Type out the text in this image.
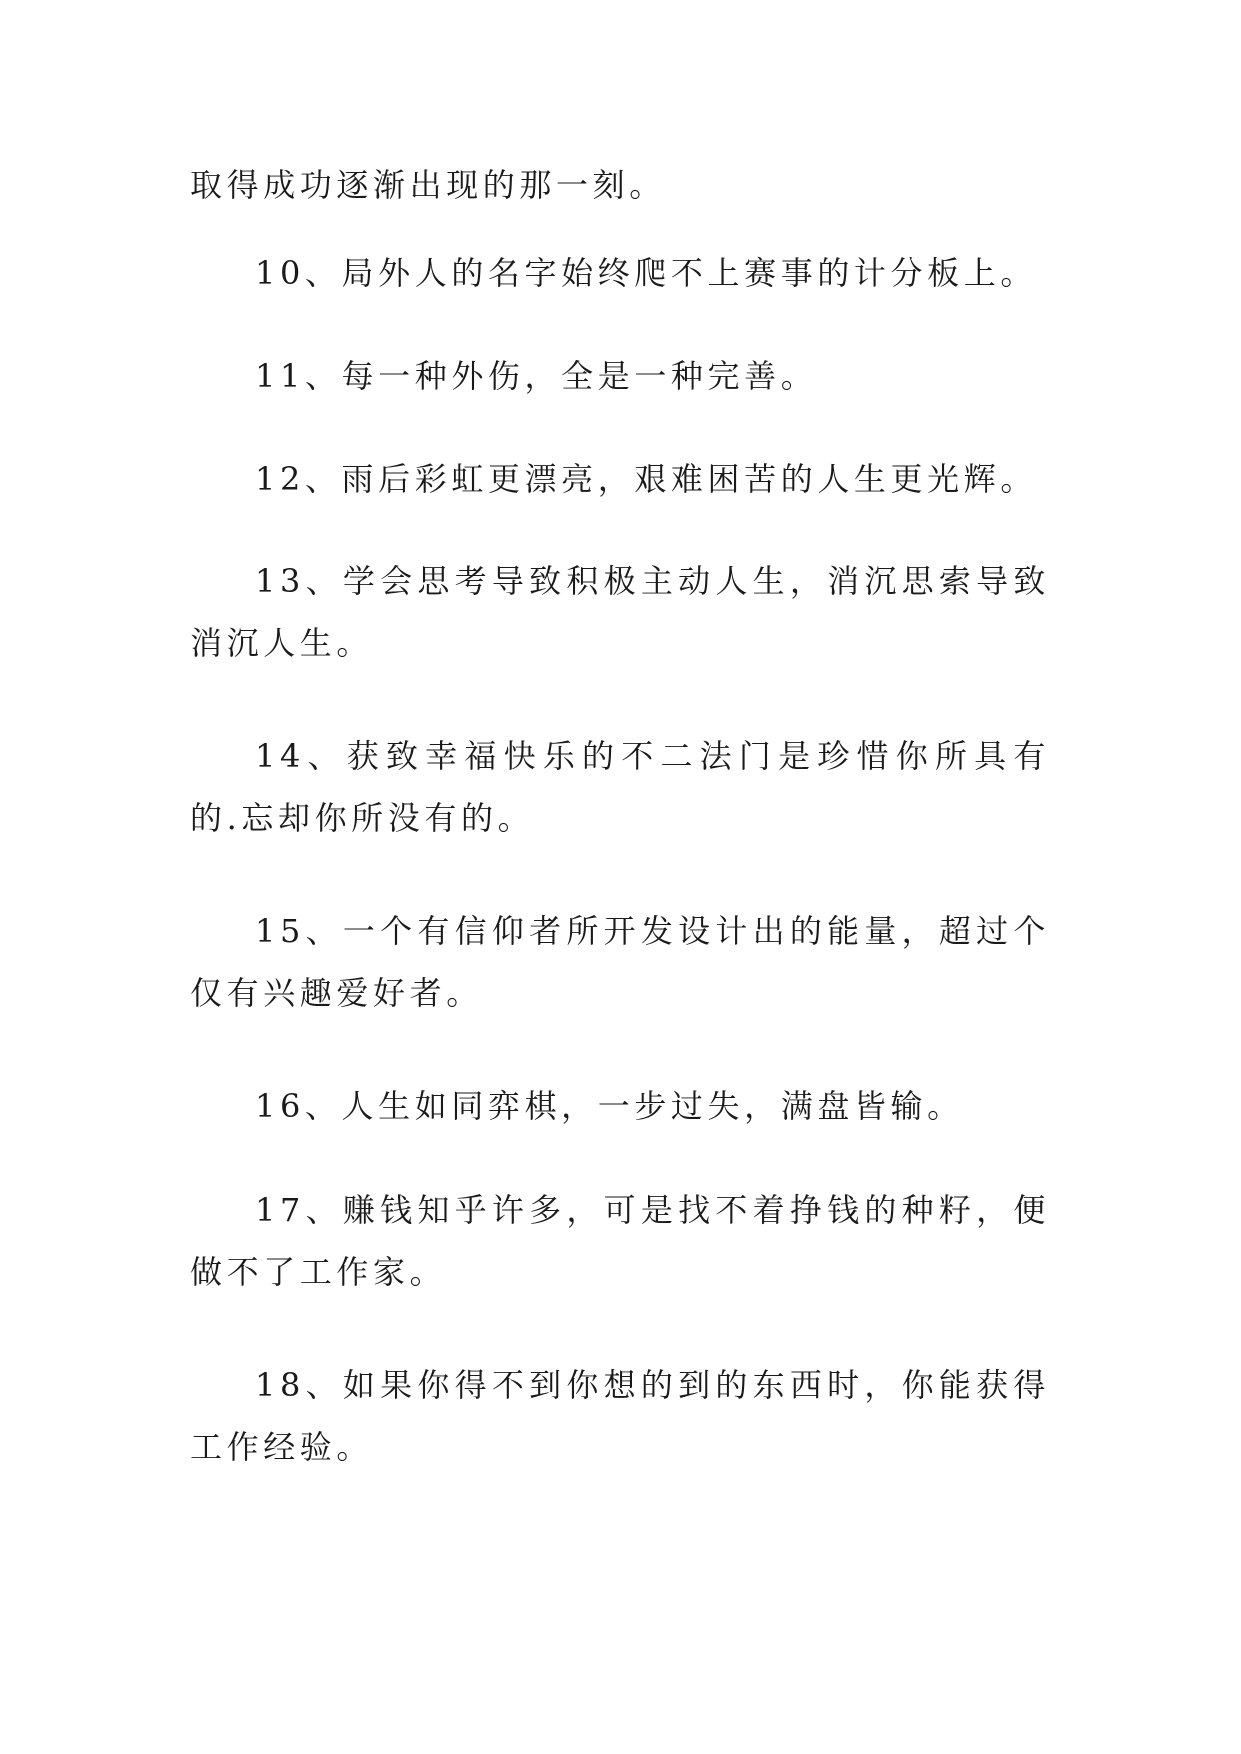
取得成功逐渐出现的那一刻。

10、局外人的名字始终爬不上赛事的计分板上。

11、每一种外伤，全是一种完善。

12、雨后彩虹更漂亮，艰难困苦的人生更光辉。

13、学会思考导致积极主动人生，消沉思索导致消沉人生。

14、获致幸福快乐的不二法门是珍惜你所具有的.忘却你所没有的。

15、一个有信仰者所开发设计出的能量，超过个仅有兴趣爱好者。

16、人生如同弈棋，一步过失，满盘皆输。

17、赚钱知乎许多，可是找不着挣钱的种籽，便做不了工作家。

18、如果你得不到你想的到的东西时，你能获得工作经验。
